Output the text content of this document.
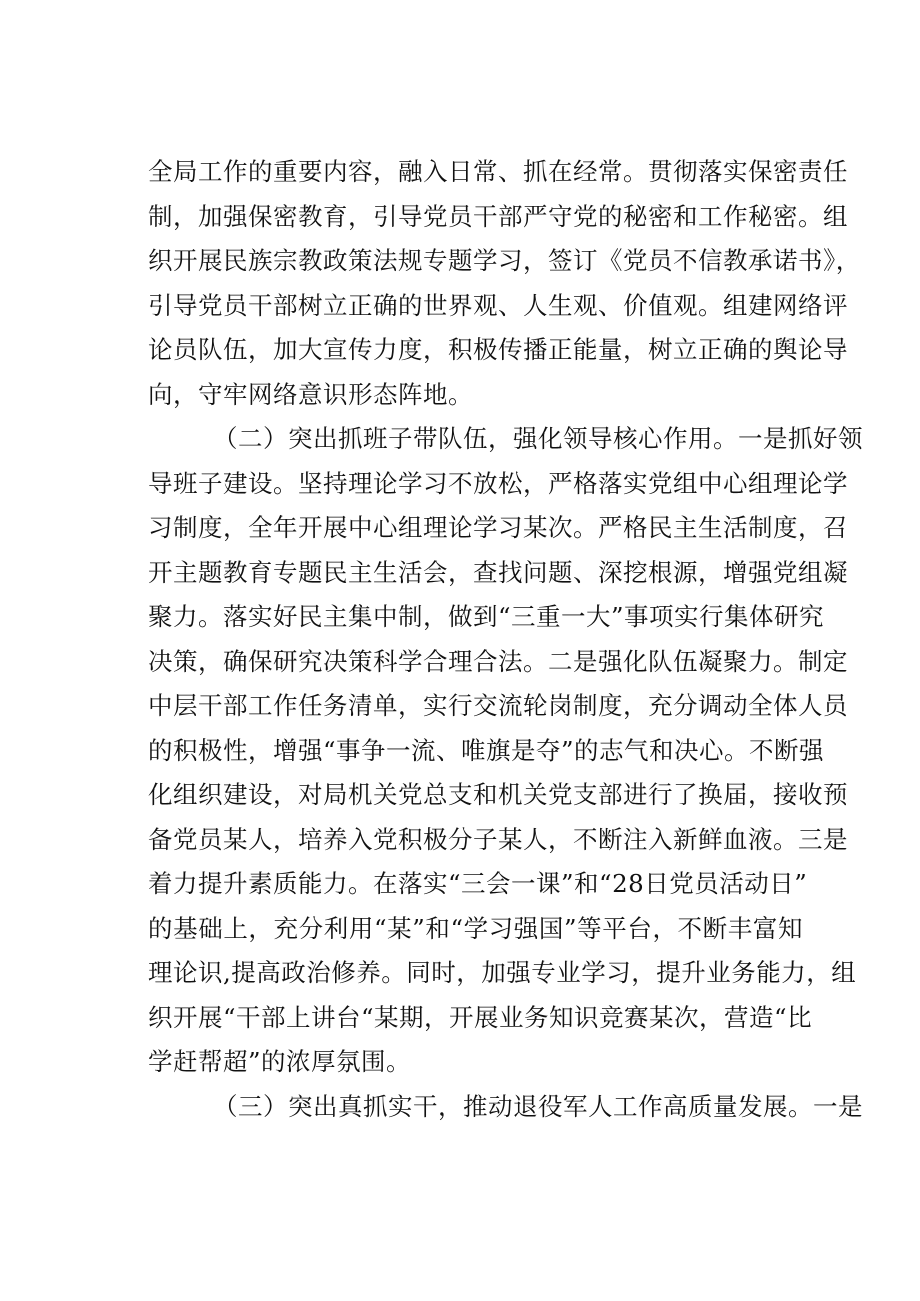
全局工作的重要内容，融入日常、抓在经常。贯彻落实保密责任
制，加强保密教育，引导党员干部严守党的秘密和工作秘密。组
织开展民族宗教政策法规专题学习，签订《党员不信教承诺书》，
引导党员干部树立正确的世界观、人生观、价值观。组建网络评
论员队伍，加大宣传力度，积极传播正能量，树立正确的舆论导
向，守牢网络意识形态阵地。
（二）突出抓班子带队伍，强化领导核心作用。一是抓好领
导班子建设。坚持理论学习不放松，严格落实党组中心组理论学
习制度，全年开展中心组理论学习某次。严格民主生活制度，召
开主题教育专题民主生活会，查找问题、深挖根源，增强党组凝
聚力。落实好民主集中制，做到“三重一大”事项实行集体研究
决策，确保研究决策科学合理合法。二是强化队伍凝聚力。制定
中层干部工作任务清单，实行交流轮岗制度，充分调动全体人员
的积极性，增强“事争一流、唯旗是夺”的志气和决心。不断强
化组织建设，对局机关党总支和机关党支部进行了换届，接收预
备党员某人，培养入党积极分子某人，不断注入新鲜血液。三是
着力提升素质能力。在落实“三会一课”和“28日党员活动日”
的基础上，充分利用“某”和“学习强国”等平台，不断丰富知
理论识,提高政治修养。同时，加强专业学习，提升业务能力，组
织开展“干部上讲台“某期，开展业务知识竞赛某次，营造“比
学赶帮超”的浓厚氛围。
（三）突出真抓实干，推动退役军人工作高质量发展。一是
